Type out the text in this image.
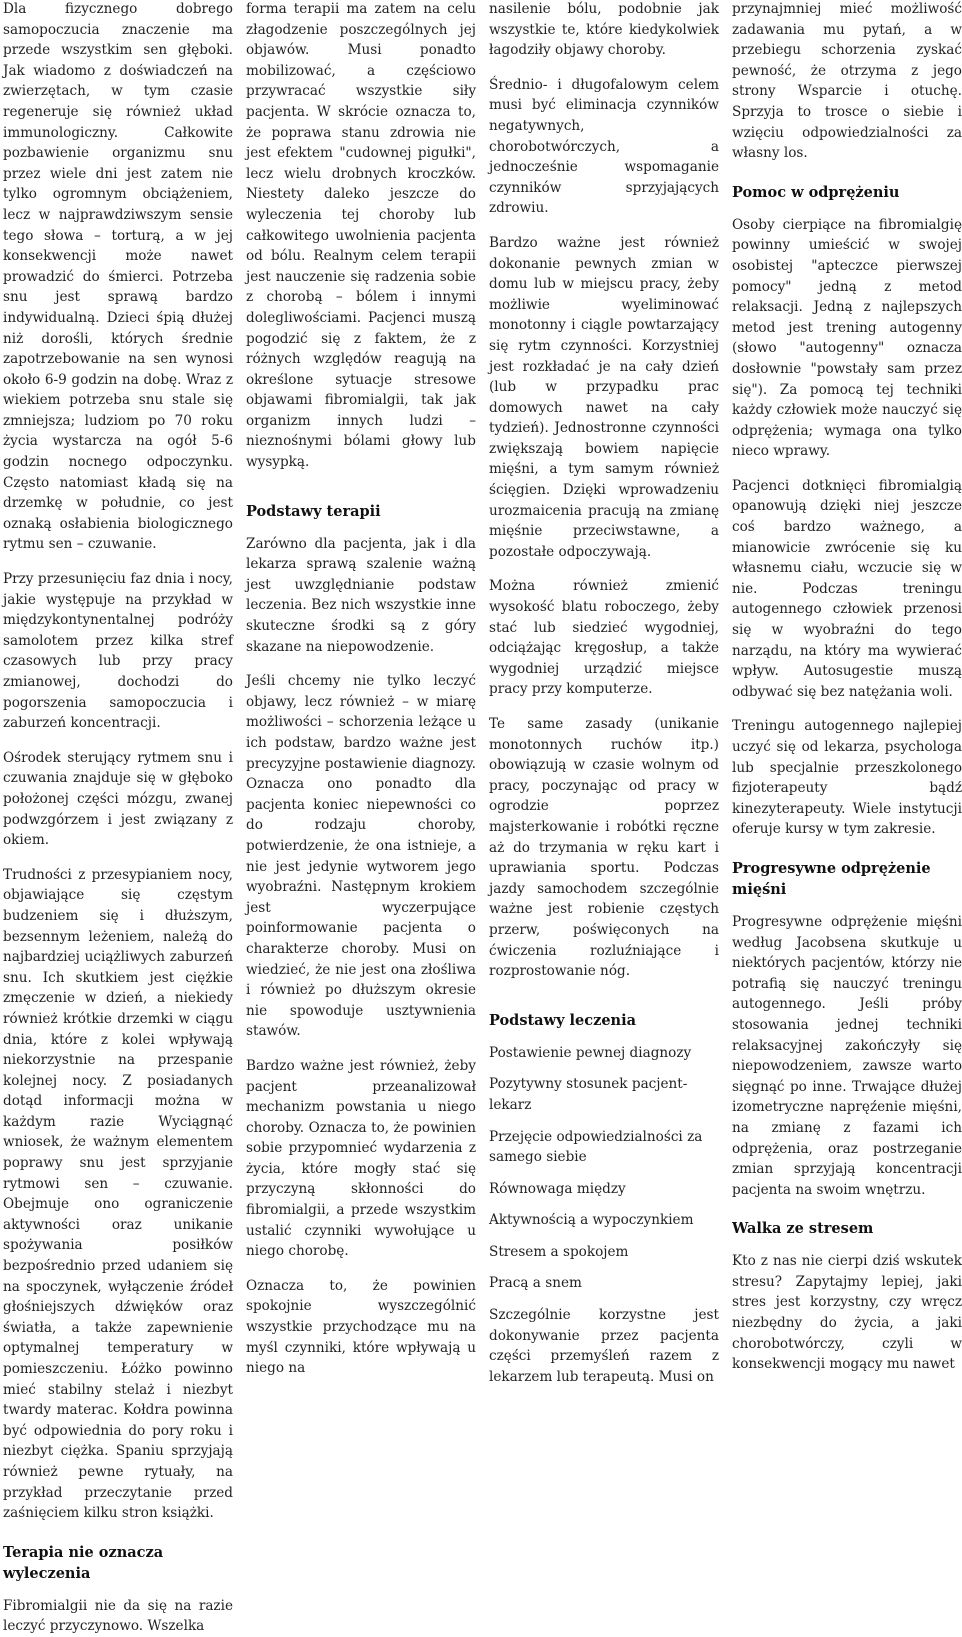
Dla fizycznego dobrego samopoczucia znaczenie ma przede wszystkim sen głęboki. Jak wiadomo z doświadczeń na zwierzętach, w tym czasie regeneruje się również układ immunologiczny. Całkowite pozbawienie organizmu snu przez wiele dni jest zatem nie tylko ogromnym obciążeniem, lecz w najprawdziwszym sensie tego słowa – torturą, a w jej konsekwencji może nawet prowadzić do śmierci. Potrzeba snu jest sprawą bardzo indywidualną. Dzieci śpią dłużej niż dorośli, których średnie zapotrzebowanie na sen wynosi około 6-9 godzin na dobę. Wraz z wiekiem potrzeba snu stale się zmniejsza; ludziom po 70 roku życia wystarcza na ogół 5-6 godzin nocnego odpoczynku. Często natomiast kładą się na drzemkę w południe, co jest oznaką osłabienia biologicznego rytmu sen – czuwanie.

Przy przesunięciu faz dnia i nocy, jakie występuje na przykład w międzykontynentalnej podróży samolotem przez kilka stref czasowych lub przy pracy zmianowej, dochodzi do pogorszenia samopoczucia i zaburzeń koncentracji.

Ośrodek sterujący rytmem snu i czuwania znajduje się w głęboko położonej części mózgu, zwanej podwzgórzem i jest związany z okiem.

Trudności z przesypianiem nocy, objawiające się częstym budzeniem się i dłuższym, bezsennym leżeniem, należą do najbardziej uciążliwych zaburzeń snu. Ich skutkiem jest ciężkie zmęczenie w dzień, a niekiedy również krótkie drzemki w ciągu dnia, które z kolei wpływają niekorzystnie na przespanie kolejnej nocy. Z posiadanych dotąd informacji można w każdym razie Wyciągnąć wniosek, że ważnym elementem poprawy snu jest sprzyjanie rytmowi sen – czuwanie. Obejmuje ono ograniczenie aktywności oraz unikanie spożywania posiłków bezpośrednio przed udaniem się na spoczynek, wyłączenie źródeł głośniejszych dźwięków oraz światła, a także zapewnienie optymalnej temperatury w pomieszczeniu. Łóżko powinno mieć stabilny stelaż i niezbyt twardy materac. Kołdra powinna być odpowiednia do pory roku i niezbyt ciężka. Spaniu sprzyjają również pewne rytuały, na przykład przeczytanie przed zaśnięciem kilku stron książki.

Terapia nie oznacza wyleczenia

Fibromialgii nie da się na razie leczyć przyczynowo. Wszelka

forma terapii ma zatem na celu złagodzenie poszczególnych jej objawów. Musi ponadto mobilizować, a częściowo przywracać wszystkie siły pacjenta. W skrócie oznacza to, że poprawa stanu zdrowia nie jest efektem "cudownej pigułki", lecz wielu drobnych kroczków. Niestety daleko jeszcze do wyleczenia tej choroby lub całkowitego uwolnienia pacjenta od bólu. Realnym celem terapii jest nauczenie się radzenia sobie z chorobą – bólem i innymi dolegliwościami. Pacjenci muszą pogodzić się z faktem, że z różnych względów reagują na określone sytuacje stresowe objawami fibromialgii, tak jak organizm innych ludzi – nieznośnymi bólami głowy lub wysypką.

Podstawy terapii

Zarówno dla pacjenta, jak i dla lekarza sprawą szalenie ważną jest uwzględnianie podstaw leczenia. Bez nich wszystkie inne skuteczne środki są z góry skazane na niepowodzenie.

Jeśli chcemy nie tylko leczyć objawy, lecz również – w miarę możliwości – schorzenia leżące u ich podstaw, bardzo ważne jest precyzyjne postawienie diagnozy. Oznacza ono ponadto dla pacjenta koniec niepewności co do rodzaju choroby, potwierdzenie, że ona istnieje, a nie jest jedynie wytworem jego wyobraźni. Następnym krokiem jest wyczerpujące poinformowanie pacjenta o charakterze choroby. Musi on wiedzieć, że nie jest ona złośliwa i również po dłuższym okresie nie spowoduje usztywnienia stawów.

Bardzo ważne jest również, żeby pacjent przeanalizował mechanizm powstania u niego choroby. Oznacza to, że powinien sobie przypomnieć wydarzenia z życia, które mogły stać się przyczyną skłonności do fibromialgii, a przede wszystkim ustalić czynniki wywołujące u niego chorobę.

Oznacza to, że powinien spokojnie wyszczególnić wszystkie przychodzące mu na myśl czynniki, które wpływają u niego na

nasilenie bólu, podobnie jak wszystkie te, które kiedykolwiek łagodziły objawy choroby.

Średnio- i długofalowym celem musi być eliminacja czynników negatywnych, chorobotwórczych, a jednocześnie wspomaganie czynników sprzyjających zdrowiu.

Bardzo ważne jest również dokonanie pewnych zmian w domu lub w miejscu pracy, żeby możliwie wyeliminować monotonny i ciągle powtarzający się rytm czynności. Korzystniej jest rozkładać je na cały dzień (lub w przypadku prac domowych nawet na cały tydzień). Jednostronne czynności zwiększają bowiem napięcie mięśni, a tym samym również ścięgien. Dzięki wprowadzeniu urozmaicenia pracują na zmianę mięśnie przeciwstawne, a pozostałe odpoczywają.

Można również zmienić wysokość blatu roboczego, żeby stać lub siedzieć wygodniej, odciążając kręgosłup, a także wygodniej urządzić miejsce pracy przy komputerze.

Te same zasady (unikanie monotonnych ruchów itp.) obowiązują w czasie wolnym od pracy, poczynając od pracy w ogrodzie poprzez majsterkowanie i robótki ręczne aż do trzymania w ręku kart i uprawiania sportu. Podczas jazdy samochodem szczególnie ważne jest robienie częstych przerw, poświęconych na ćwiczenia rozluźniające i rozprostowanie nóg.

Podstawy leczenia

Postawienie pewnej diagnozy

Pozytywny stosunek pacjent-lekarz

Przejęcie odpowiedzialności za samego siebie

Równowaga między

Aktywnością a wypoczynkiem

Stresem a spokojem

Pracą a snem

Szczególnie korzystne jest dokonywanie przez pacjenta części przemyśleń razem z lekarzem lub terapeutą. Musi on

przynajmniej mieć możliwość zadawania mu pytań, a w przebiegu schorzenia zyskać pewność, że otrzyma z jego strony Wsparcie i otuchę. Sprzyja to trosce o siebie i wzięciu odpowiedzialności za własny los.

Pomoc w odprężeniu

Osoby cierpiące na fibromialgię powinny umieścić w swojej osobistej "apteczce pierwszej pomocy" jedną z metod relaksacji. Jedną z najlepszych metod jest trening autogenny (słowo "autogenny" oznacza dosłownie "powstały sam przez się"). Za pomocą tej techniki każdy człowiek może nauczyć się odprężenia; wymaga ona tylko nieco wprawy.

Pacjenci dotknięci fibromialgią opanowują dzięki niej jeszcze coś bardzo ważnego, a mianowicie zwrócenie się ku własnemu ciału, wczucie się w nie. Podczas treningu autogennego człowiek przenosi się w wyobraźni do tego narządu, na który ma wywierać wpływ. Autosugestie muszą odbywać się bez natężania woli.

Treningu autogennego najlepiej uczyć się od lekarza, psychologa lub specjalnie przeszkolonego fizjoterapeuty bądź kinezyterapeuty. Wiele instytucji oferuje kursy w tym zakresie.

Progresywne odprężenie mięśni

Progresywne odprężenie mięśni według Jacobsena skutkuje u niektórych pacjentów, którzy nie potrafią się nauczyć treningu autogennego. Jeśli próby stosowania jednej techniki relaksacyjnej zakończyły się niepowodzeniem, zawsze warto sięgnąć po inne. Trwające dłużej izometryczne napręźenie mięśni, na zmianę z fazami ich odprężenia, oraz postrzeganie zmian sprzyjają koncentracji pacjenta na swoim wnętrzu.

Walka ze stresem

Kto z nas nie cierpi dziś wskutek stresu? Zapytajmy lepiej, jaki stres jest korzystny, czy wręcz niezbędny do życia, a jaki chorobotwórczy, czyli w konsekwencji mogący mu nawet
